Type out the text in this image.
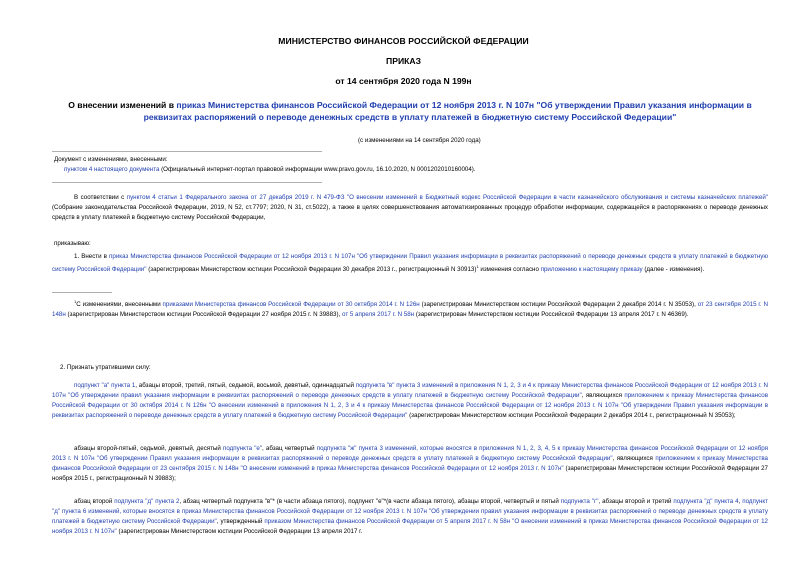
МИНИСТЕРСТВО ФИНАНСОВ РОССИЙСКОЙ ФЕДЕРАЦИИ
ПРИКАЗ
от 14 сентября 2020 года N 199н
О внесении изменений в приказ Министерства финансов Российской Федерации от 12 ноября 2013 г. N 107н "Об утверждении Правил указания информации в реквизитах распоряжений о переводе денежных средств в уплату платежей в бюджетную систему Российской Федерации"
(с изменениями на 14 сентября 2020 года)
Документ с изменениями, внесенными:
пунктом 4 настоящего документа (Официальный интернет-портал правовой информации www.pravo.gov.ru, 16.10.2020, N 0001202010160004).
В соответствии с пунктом 4 статьи 1 Федерального закона от 27 декабря 2019 г. N 479-ФЗ "О внесении изменений в Бюджетный кодекс Российской Федерации в части казначейского обслуживания и системы казначейских платежей" (Собрание законодательства Российской Федерации, 2019, N 52, ст.7797; 2020, N 31, ст.5022), а также в целях совершенствования автоматизированных процедур обработки информации, содержащейся в распоряжениях о переводе денежных средств в уплату платежей в бюджетную систему Российской Федерации,
приказываю:
1. Внести в приказ Министерства финансов Российской Федерации от 12 ноября 2013 г. N 107н "Об утверждении Правил указания информации в реквизитах распоряжений о переводе денежных средств в уплату платежей в бюджетную систему Российской Федерации" (зарегистрирован Министерством юстиции Российской Федерации 30 декабря 2013 г., регистрационный N 30913)$^1$ изменения согласно приложению к настоящему приказу (далее - изменения).
$^1$С изменениями, внесенными приказами Министерства финансов Российской Федерации от 30 октября 2014 г. N 126н (зарегистрирован Министерством юстиции Российской Федерации 2 декабря 2014 г. N 35053), от 23 сентября 2015 г. N 148н (зарегистрирован Министерством юстиции Российской Федерации 27 ноября 2015 г. N 39883), от 5 апреля 2017 г. N 58н (зарегистрирован Министерством юстиции Российской Федерации 13 апреля 2017 г. N 46369).
2. Признать утратившими силу:
подпункт "а" пункта 1, абзацы второй, третий, пятый, седьмой, восьмой, девятый, одиннадцатый подпункта "в" пункта 3 изменений в приложения N 1, 2, 3 и 4 к приказу Министерства финансов Российской Федерации от 12 ноября 2013 г. N 107н "Об утверждении правил указания информации в реквизитах распоряжений о переводе денежных средств в уплату платежей в бюджетную систему Российской Федерации", являющихся приложением к приказу Министерства финансов Российской Федерации от 30 октября 2014 г. N 126н "О внесении изменений в приложения N 1, 2, 3 и 4 к приказу Министерства финансов Российской Федерации от 12 ноября 2013 г. N 107н "Об утверждении Правил указания информации в реквизитах распоряжений о переводе денежных средств в уплату платежей в бюджетную систему Российской Федерации" (зарегистрирован Министерством юстиции Российской Федерации 2 декабря 2014 г., регистрационный N 35053);
абзацы второй-пятый, седьмой, девятый, десятый подпункта "е", абзац четвертый подпункта "ж" пункта 3 изменений, которые вносятся в приложения N 1, 2, 3, 4, 5 к приказу Министерства финансов Российской Федерации от 12 ноября 2013 г. N 107н "Об утверждении Правил указания информации в реквизитах распоряжений о переводе денежных средств в уплату платежей в бюджетную систему Российской Федерации", являющихся приложением к приказу Министерства финансов Российской Федерации от 23 сентября 2015 г. N 148н "О внесении изменений в приказ Министерства финансов Российской Федерации от 12 ноября 2013 г. N 107н" (зарегистрирован Министерством юстиции Российской Федерации 27 ноября 2015 г., регистрационный N 39883);
абзац второй подпункта "д" пункта 2, абзац четвертый подпункта "в"* (в части абзаца пятого), подпункт "е"*(в части абзаца пятого), абзацы второй, четвертый и пятый подпункта "г", абзацы второй и третий подпункта "д" пункта 4, подпункт "д" пункта 6 изменений, которые вносятся в приказ Министерства финансов Российской Федерации от 12 ноября 2013 г. N 107н "Об утверждении правил указания информации в реквизитах распоряжений о переводе денежных средств в уплату платежей в бюджетную систему Российской Федерации", утвержденный приказом Министерства финансов Российской Федерации от 5 апреля 2017 г. N 58н "О внесении изменений в приказ Министерства финансов Российской Федерации от 12 ноября 2013 г. N 107н" (зарегистрирован Министерством юстиции Российской Федерации 13 апреля 2017 г.
